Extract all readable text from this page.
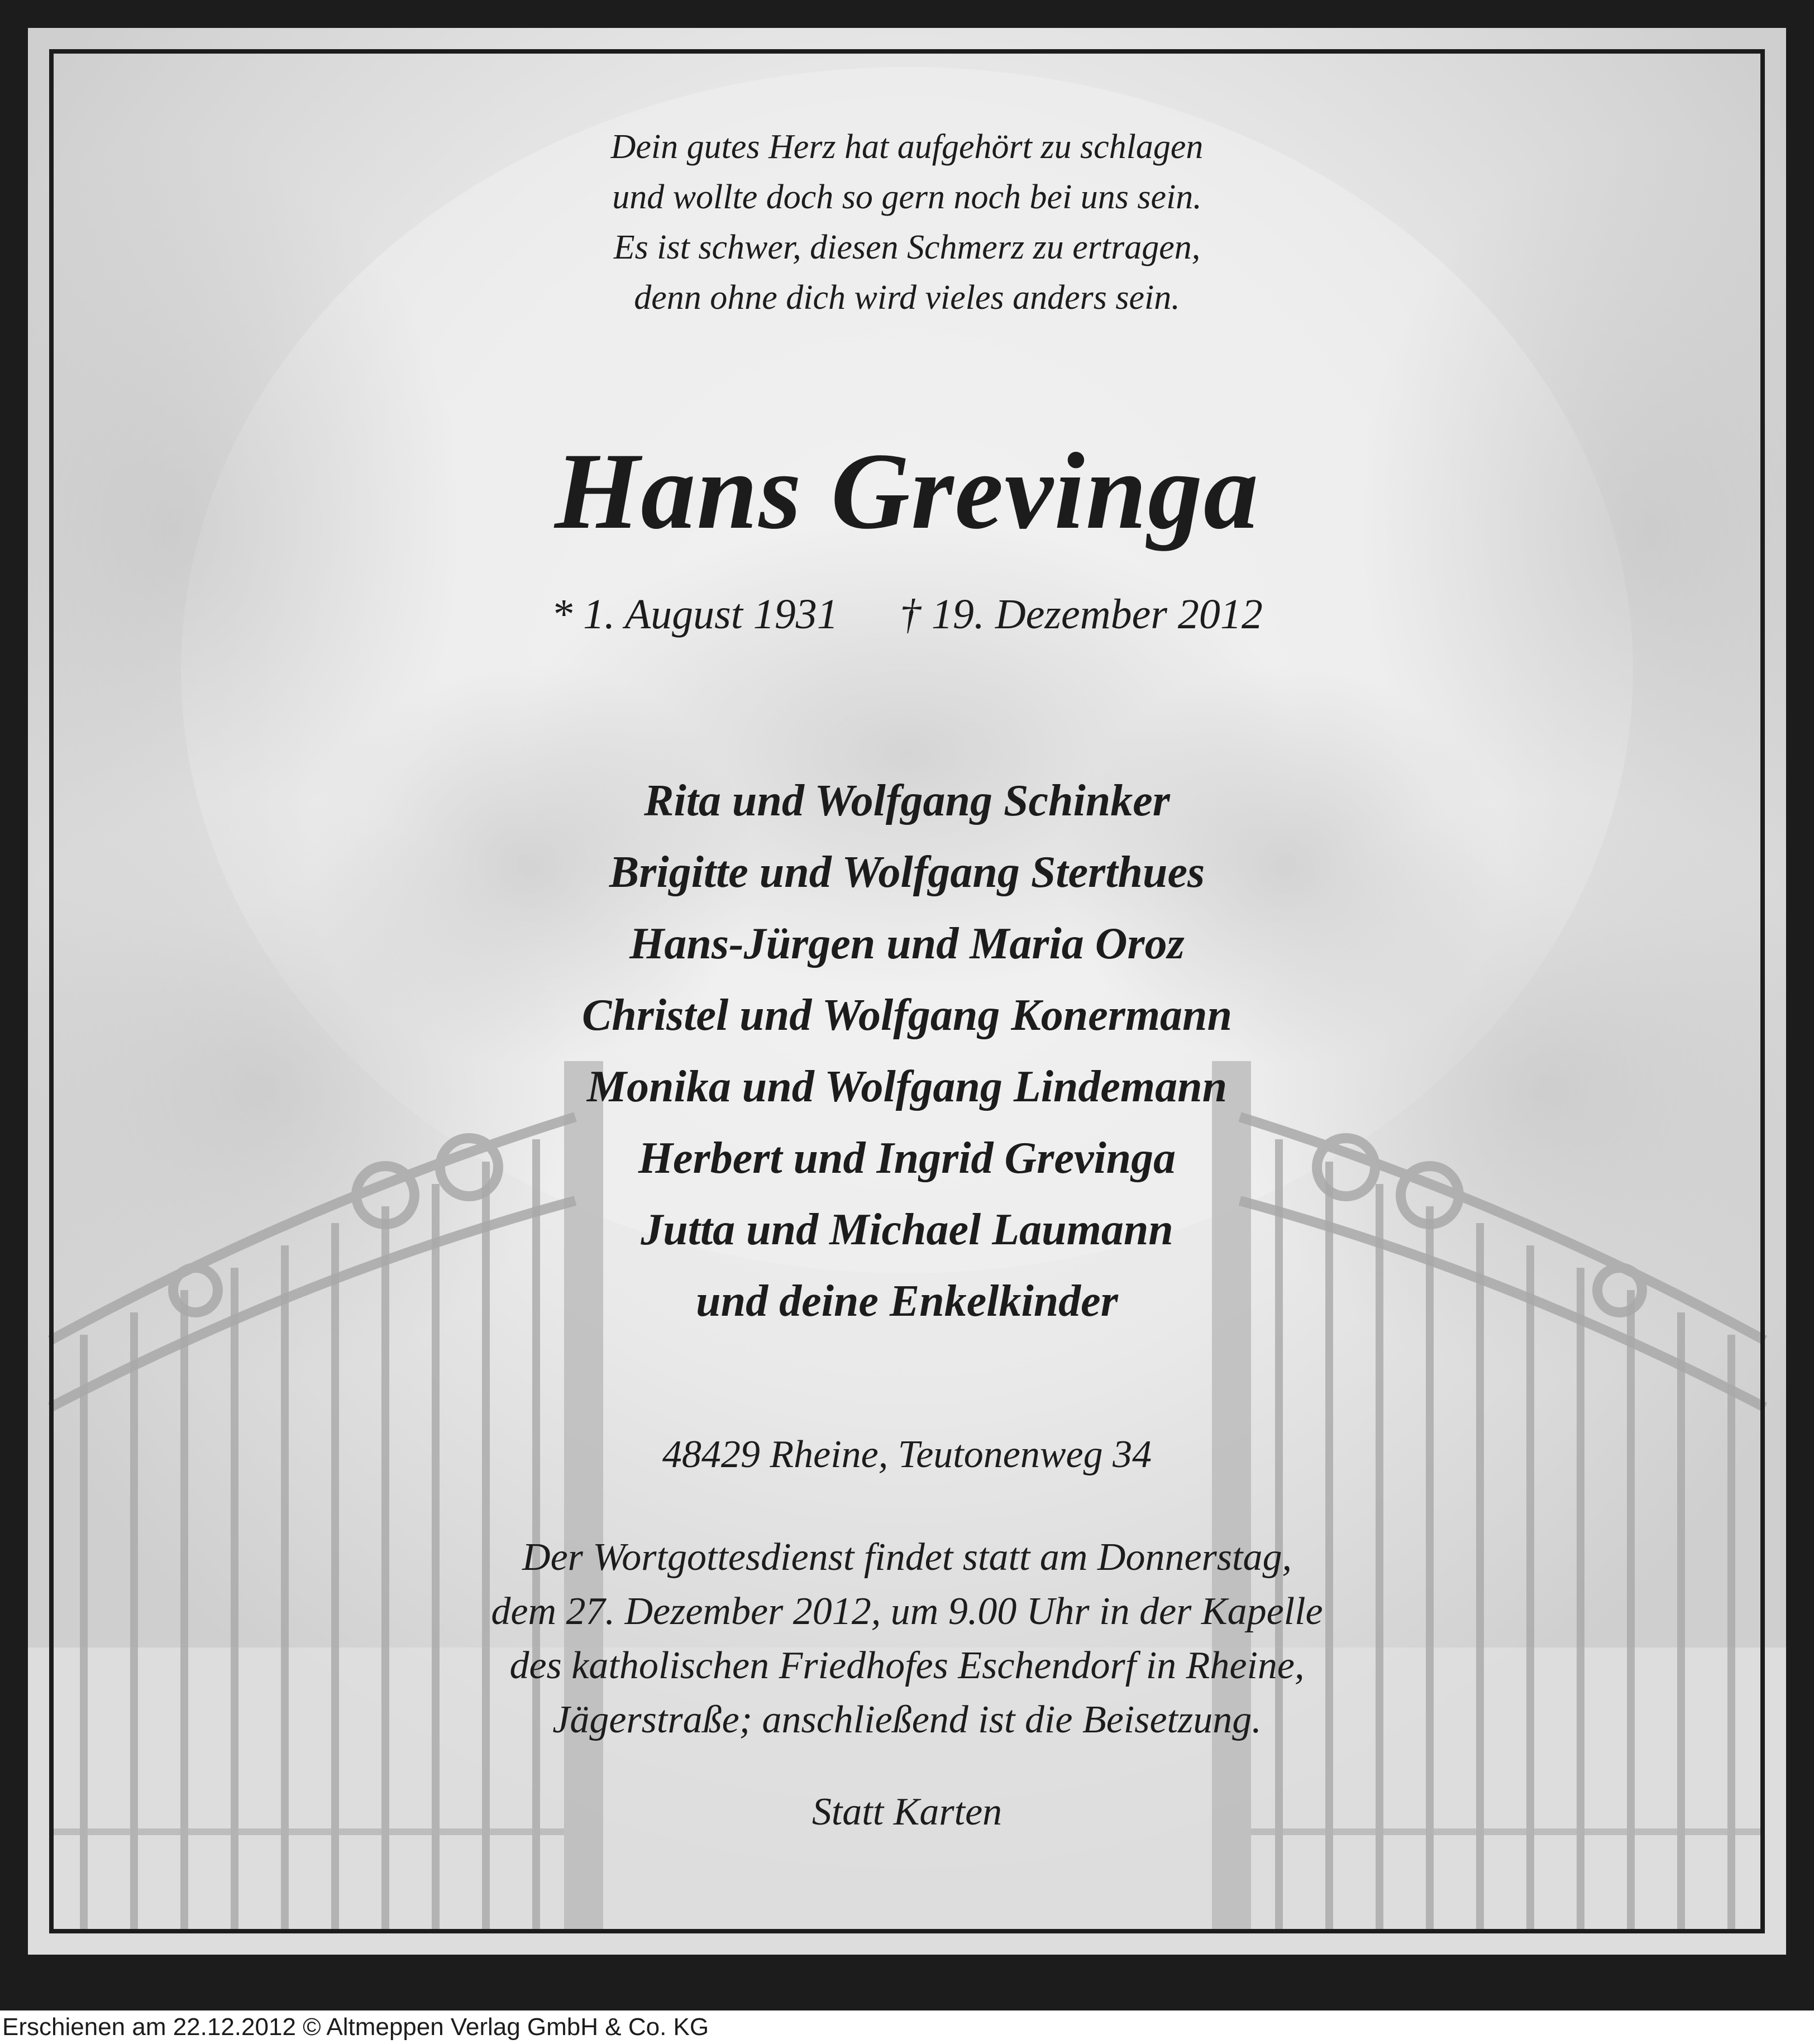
Dein gutes Herz hat aufgehört zu schlagen
und wollte doch so gern noch bei uns sein.
Es ist schwer, diesen Schmerz zu ertragen,
denn ohne dich wird vieles anders sein.
Hans Grevinga
* 1. August 1931 † 19. Dezember 2012
Rita und Wolfgang Schinker
Brigitte und Wolfgang Sterthues
Hans-Jürgen und Maria Oroz
Christel und Wolfgang Konermann
Monika und Wolfgang Lindemann
Herbert und Ingrid Grevinga
Jutta und Michael Laumann
und deine Enkelkinder
48429 Rheine, Teutonenweg 34
Der Wortgottesdienst findet statt am Donnerstag,
dem 27. Dezember 2012, um 9.00 Uhr in der Kapelle
des katholischen Friedhofes Eschendorf in Rheine,
Jägerstraße; anschließend ist die Beisetzung.
Statt Karten
Erschienen am 22.12.2012 © Altmeppen Verlag GmbH & Co. KG
